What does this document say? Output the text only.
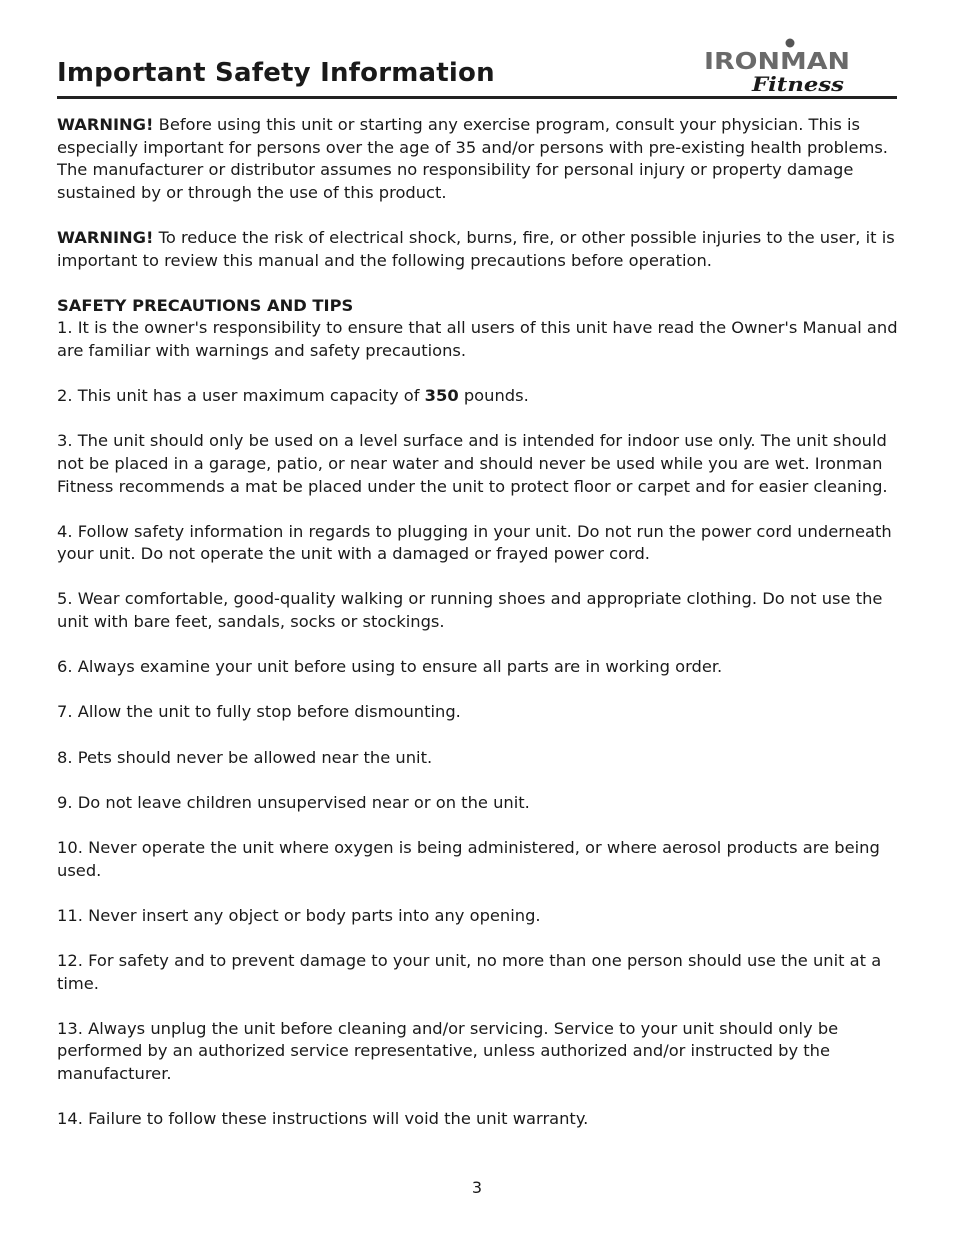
Important Safety Information	IRONMAN
Fitness

WARNING! Before using this unit or starting any exercise program, consult your physician. This is especially important for persons over the age of 35 and/or persons with pre-existing health problems. The manufacturer or distributor assumes no responsibility for personal injury or property damage sustained by or through the use of this product.

WARNING! To reduce the risk of electrical shock, burns, fire, or other possible injuries to the user, it is important to review this manual and the following precautions before operation.

SAFETY PRECAUTIONS AND TIPS

1. It is the owner's responsibility to ensure that all users of this unit have read the Owner's Manual and are familiar with warnings and safety precautions.

2. This unit has a user maximum capacity of 350 pounds.

3. The unit should only be used on a level surface and is intended for indoor use only. The unit should not be placed in a garage, patio, or near water and should never be used while you are wet. Ironman Fitness recommends a mat be placed under the unit to protect floor or carpet and for easier cleaning.

4. Follow safety information in regards to plugging in your unit. Do not run the power cord underneath your unit. Do not operate the unit with a damaged or frayed power cord.

5. Wear comfortable, good-quality walking or running shoes and appropriate clothing. Do not use the unit with bare feet, sandals, socks or stockings.

6. Always examine your unit before using to ensure all parts are in working order.

7. Allow the unit to fully stop before dismounting.

8. Pets should never be allowed near the unit.

9. Do not leave children unsupervised near or on the unit.

10. Never operate the unit where oxygen is being administered, or where aerosol products are being used.

11. Never insert any object or body parts into any opening.

12. For safety and to prevent damage to your unit, no more than one person should use the unit at a time.

13. Always unplug the unit before cleaning and/or servicing. Service to your unit should only be performed by an authorized service representative, unless authorized and/or instructed by the manufacturer.

14. Failure to follow these instructions will void the unit warranty.

3
